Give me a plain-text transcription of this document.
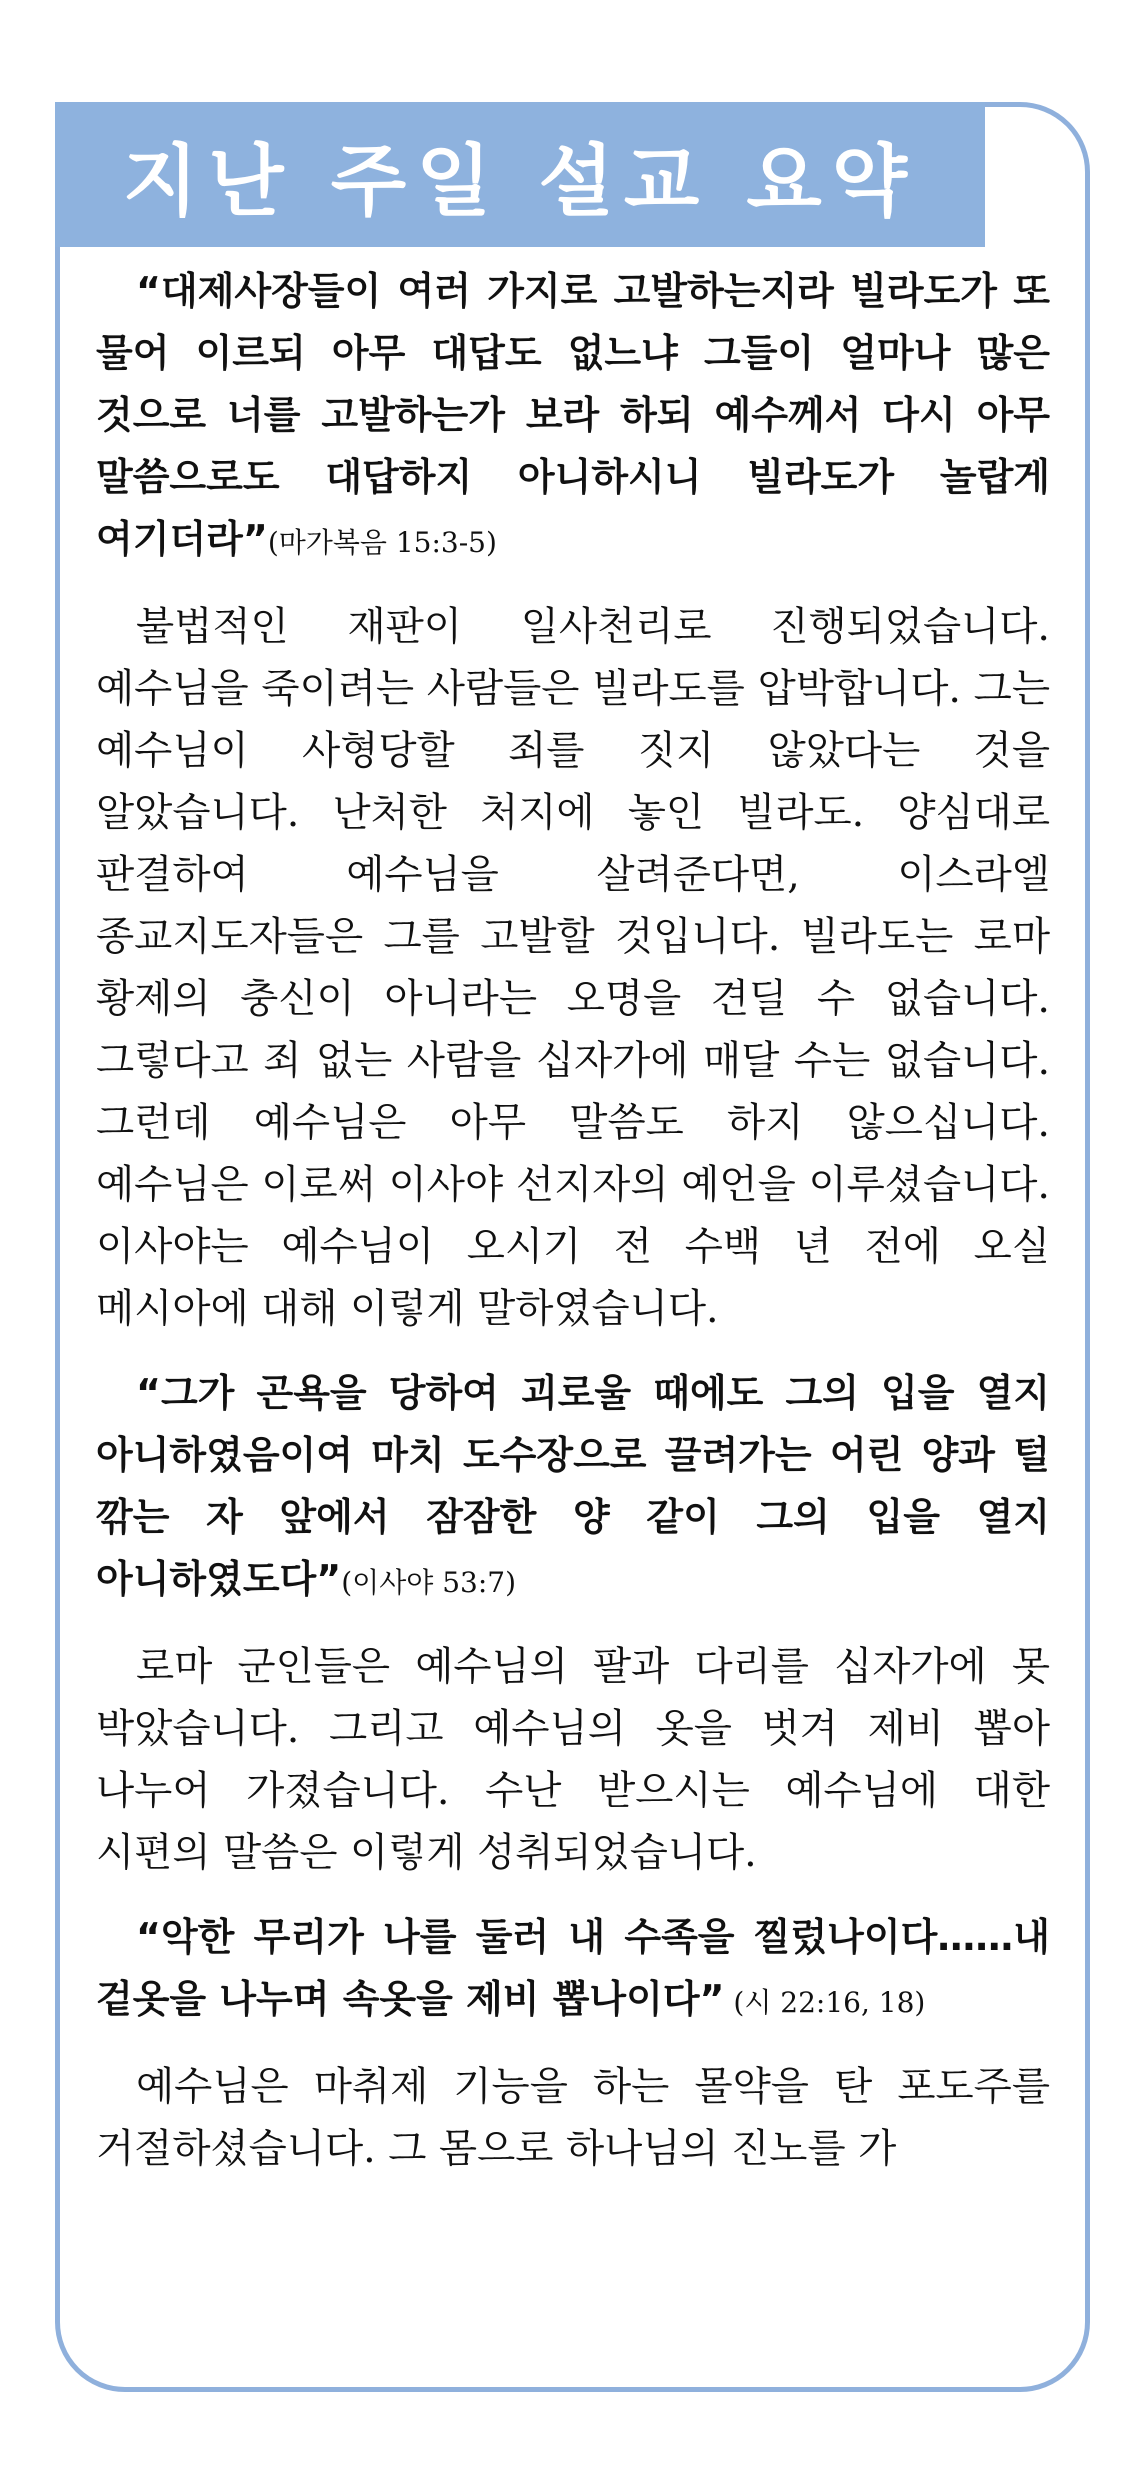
지난 주일 설교 요약

“대제사장들이 여러 가지로 고발하는지라 빌라도가 또 물어 이르되 아무 대답도 없느냐 그들이 얼마나 많은 것으로 너를 고발하는가 보라 하되 예수께서 다시 아무 말씀으로도 대답하지 아니하시니 빌라도가 놀랍게 여기더라”(마가복음 15:3-5)

불법적인 재판이 일사천리로 진행되었습니다. 예수님을 죽이려는 사람들은 빌라도를 압박합니다. 그는 예수님이 사형당할 죄를 짓지 않았다는 것을 알았습니다. 난처한 처지에 놓인 빌라도. 양심대로 판결하여 예수님을 살려준다면, 이스라엘 종교지도자들은 그를 고발할 것입니다. 빌라도는 로마 황제의 충신이 아니라는 오명을 견딜 수 없습니다. 그렇다고 죄 없는 사람을 십자가에 매달 수는 없습니다. 그런데 예수님은 아무 말씀도 하지 않으십니다. 예수님은 이로써 이사야 선지자의 예언을 이루셨습니다. 이사야는 예수님이 오시기 전 수백 년 전에 오실 메시아에 대해 이렇게 말하였습니다.

“그가 곤욕을 당하여 괴로울 때에도 그의 입을 열지 아니하였음이여 마치 도수장으로 끌려가는 어린 양과 털 깎는 자 앞에서 잠잠한 양 같이 그의 입을 열지 아니하였도다”(이사야 53:7)

로마 군인들은 예수님의 팔과 다리를 십자가에 못 박았습니다. 그리고 예수님의 옷을 벗겨 제비 뽑아 나누어 가졌습니다. 수난 받으시는 예수님에 대한 시편의 말씀은 이렇게 성취되었습니다.

“악한 무리가 나를 둘러 내 수족을 찔렀나이다……내 겉옷을 나누며 속옷을 제비 뽑나이다” (시 22:16, 18)

예수님은 마취제 기능을 하는 몰약을 탄 포도주를 거절하셨습니다. 그 몸으로 하나님의 진노를 가
